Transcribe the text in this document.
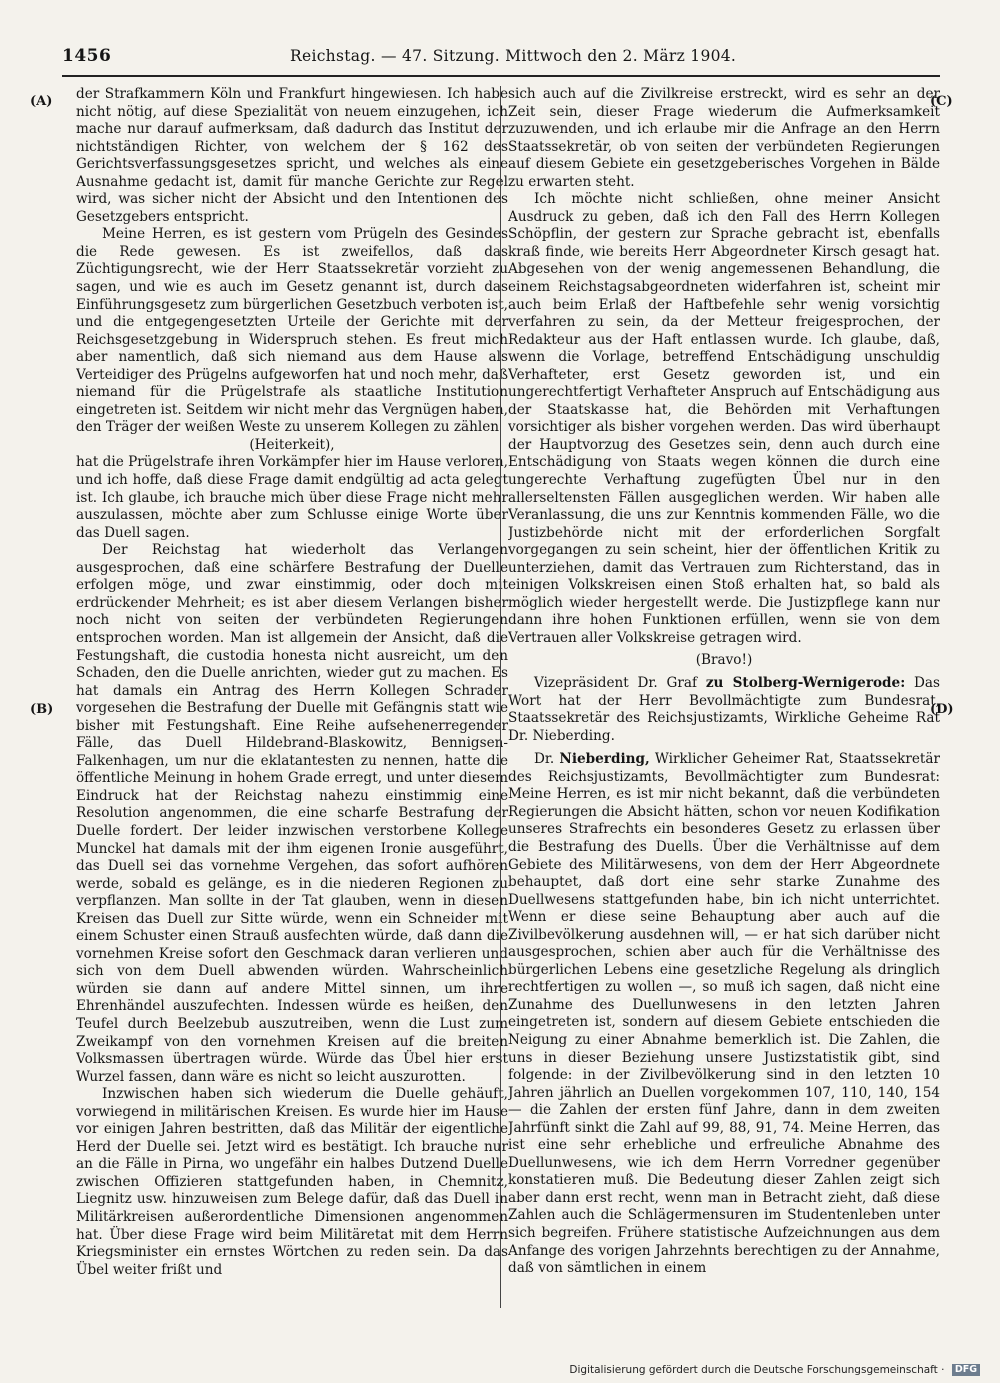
1456	Reichstag. — 47. Sitzung. Mittwoch den 2. März 1904.
(A)
(B)
(C)
(D)

der Strafkammern Köln und Frankfurt hingewiesen. Ich habe nicht nötig, auf diese Spezialität von neuem einzugehen, ich mache nur darauf aufmerksam, daß dadurch das Institut der nichtständigen Richter, von welchem der § 162 des Gerichtsverfassungsgesetzes spricht, und welches als eine Ausnahme gedacht ist, damit für manche Gerichte zur Regel wird, was sicher nicht der Absicht und den Intentionen des Gesetzgebers entspricht.

Meine Herren, es ist gestern vom Prügeln des Gesindes die Rede gewesen. Es ist zweifellos, daß das Züchtigungsrecht, wie der Herr Staatssekretär vorzieht zu sagen, und wie es auch im Gesetz genannt ist, durch das Einführungsgesetz zum bürgerlichen Gesetzbuch verboten ist, und die entgegengesetzten Urteile der Gerichte mit der Reichsgesetzgebung in Widerspruch stehen. Es freut mich aber namentlich, daß sich niemand aus dem Hause als Verteidiger des Prügelns aufgeworfen hat und noch mehr, daß niemand für die Prügelstrafe als staatliche Institution eingetreten ist. Seitdem wir nicht mehr das Vergnügen haben, den Träger der weißen Weste zu unserem Kollegen zu zählen

(Heiterkeit),

hat die Prügelstrafe ihren Vorkämpfer hier im Hause verloren, und ich hoffe, daß diese Frage damit endgültig ad acta gelegt ist. Ich glaube, ich brauche mich über diese Frage nicht mehr auszulassen, möchte aber zum Schlusse einige Worte über das Duell sagen.

Der Reichstag hat wiederholt das Verlangen ausgesprochen, daß eine schärfere Bestrafung der Duelle erfolgen möge, und zwar einstimmig, oder doch mit erdrückender Mehrheit; es ist aber diesem Verlangen bisher noch nicht von seiten der verbündeten Regierungen entsprochen worden. Man ist allgemein der Ansicht, daß die Festungshaft, die custodia honesta nicht ausreicht, um den Schaden, den die Duelle anrichten, wieder gut zu machen. Es hat damals ein Antrag des Herrn Kollegen Schrader vorgesehen die Bestrafung der Duelle mit Gefängnis statt wie bisher mit Festungshaft. Eine Reihe aufsehenerregender Fälle, das Duell Hildebrand-Blaskowitz, Bennigsen-Falkenhagen, um nur die eklatantesten zu nennen, hatte die öffentliche Meinung in hohem Grade erregt, und unter diesem Eindruck hat der Reichstag nahezu einstimmig eine Resolution angenommen, die eine scharfe Bestrafung der Duelle fordert. Der leider inzwischen verstorbene Kollege Munckel hat damals mit der ihm eigenen Ironie ausgeführt, das Duell sei das vornehme Vergehen, das sofort aufhören werde, sobald es gelänge, es in die niederen Regionen zu verpflanzen. Man sollte in der Tat glauben, wenn in diesen Kreisen das Duell zur Sitte würde, wenn ein Schneider mit einem Schuster einen Strauß ausfechten würde, daß dann die vornehmen Kreise sofort den Geschmack daran verlieren und sich von dem Duell abwenden würden. Wahrscheinlich würden sie dann auf andere Mittel sinnen, um ihre Ehrenhändel auszufechten. Indessen würde es heißen, den Teufel durch Beelzebub auszutreiben, wenn die Lust zum Zweikampf von den vornehmen Kreisen auf die breiten Volksmassen übertragen würde. Würde das Übel hier erst Wurzel fassen, dann wäre es nicht so leicht auszurotten.

Inzwischen haben sich wiederum die Duelle gehäuft, vorwiegend in militärischen Kreisen. Es wurde hier im Hause vor einigen Jahren bestritten, daß das Militär der eigentliche Herd der Duelle sei. Jetzt wird es bestätigt. Ich brauche nur an die Fälle in Pirna, wo ungefähr ein halbes Dutzend Duelle zwischen Offizieren stattgefunden haben, in Chemnitz, Liegnitz usw. hinzuweisen zum Belege dafür, daß das Duell in Militärkreisen außerordentliche Dimensionen angenommen hat. Über diese Frage wird beim Militäretat mit dem Herrn Kriegsminister ein ernstes Wörtchen zu reden sein. Da das Übel weiter frißt und

sich auch auf die Zivilkreise erstreckt, wird es sehr an der Zeit sein, dieser Frage wiederum die Aufmerksamkeit zuzuwenden, und ich erlaube mir die Anfrage an den Herrn Staatssekretär, ob von seiten der verbündeten Regierungen auf diesem Gebiete ein gesetzgeberisches Vorgehen in Bälde zu erwarten steht.

Ich möchte nicht schließen, ohne meiner Ansicht Ausdruck zu geben, daß ich den Fall des Herrn Kollegen Schöpflin, der gestern zur Sprache gebracht ist, ebenfalls kraß finde, wie bereits Herr Abgeordneter Kirsch gesagt hat. Abgesehen von der wenig angemessenen Behandlung, die einem Reichstagsabgeordneten widerfahren ist, scheint mir auch beim Erlaß der Haftbefehle sehr wenig vorsichtig verfahren zu sein, da der Metteur freigesprochen, der Redakteur aus der Haft entlassen wurde. Ich glaube, daß, wenn die Vorlage, betreffend Entschädigung unschuldig Verhafteter, erst Gesetz geworden ist, und ein ungerechtfertigt Verhafteter Anspruch auf Entschädigung aus der Staatskasse hat, die Behörden mit Verhaftungen vorsichtiger als bisher vorgehen werden. Das wird überhaupt der Hauptvorzug des Gesetzes sein, denn auch durch eine Entschädigung von Staats wegen können die durch eine ungerechte Verhaftung zugefügten Übel nur in den allerseltensten Fällen ausgeglichen werden. Wir haben alle Veranlassung, die uns zur Kenntnis kommenden Fälle, wo die Justizbehörde nicht mit der erforderlichen Sorgfalt vorgegangen zu sein scheint, hier der öffentlichen Kritik zu unterziehen, damit das Vertrauen zum Richterstand, das in einigen Volkskreisen einen Stoß erhalten hat, so bald als möglich wieder hergestellt werde. Die Justizpflege kann nur dann ihre hohen Funktionen erfüllen, wenn sie von dem Vertrauen aller Volkskreise getragen wird.

(Bravo!)

Vizepräsident Dr. Graf zu Stolberg-Wernigerode: Das Wort hat der Herr Bevollmächtigte zum Bundesrat, Staatssekretär des Reichsjustizamts, Wirkliche Geheime Rat Dr. Nieberding.

Dr. Nieberding, Wirklicher Geheimer Rat, Staatssekretär des Reichsjustizamts, Bevollmächtigter zum Bundesrat: Meine Herren, es ist mir nicht bekannt, daß die verbündeten Regierungen die Absicht hätten, schon vor neuen Kodifikation unseres Strafrechts ein besonderes Gesetz zu erlassen über die Bestrafung des Duells. Über die Verhältnisse auf dem Gebiete des Militärwesens, von dem der Herr Abgeordnete behauptet, daß dort eine sehr starke Zunahme des Duellwesens stattgefunden habe, bin ich nicht unterrichtet. Wenn er diese seine Behauptung aber auch auf die Zivilbevölkerung ausdehnen will, — er hat sich darüber nicht ausgesprochen, schien aber auch für die Verhältnisse des bürgerlichen Lebens eine gesetzliche Regelung als dringlich rechtfertigen zu wollen —, so muß ich sagen, daß nicht eine Zunahme des Duellunwesens in den letzten Jahren eingetreten ist, sondern auf diesem Gebiete entschieden die Neigung zu einer Abnahme bemerklich ist. Die Zahlen, die uns in dieser Beziehung unsere Justizstatistik gibt, sind folgende: in der Zivilbevölkerung sind in den letzten 10 Jahren jährlich an Duellen vorgekommen 107, 110, 140, 154 — die Zahlen der ersten fünf Jahre, dann in dem zweiten Jahrfünft sinkt die Zahl auf 99, 88, 91, 74. Meine Herren, das ist eine sehr erhebliche und erfreuliche Abnahme des Duellunwesens, wie ich dem Herrn Vorredner gegenüber konstatieren muß. Die Bedeutung dieser Zahlen zeigt sich aber dann erst recht, wenn man in Betracht zieht, daß diese Zahlen auch die Schlägermensuren im Studentenleben unter sich begreifen. Frühere statistische Aufzeichnungen aus dem Anfange des vorigen Jahrzehnts berechtigen zu der Annahme, daß von sämtlichen in einem

Digitalisierung gefördert durch die Deutsche Forschungsgemeinschaft · DFG
